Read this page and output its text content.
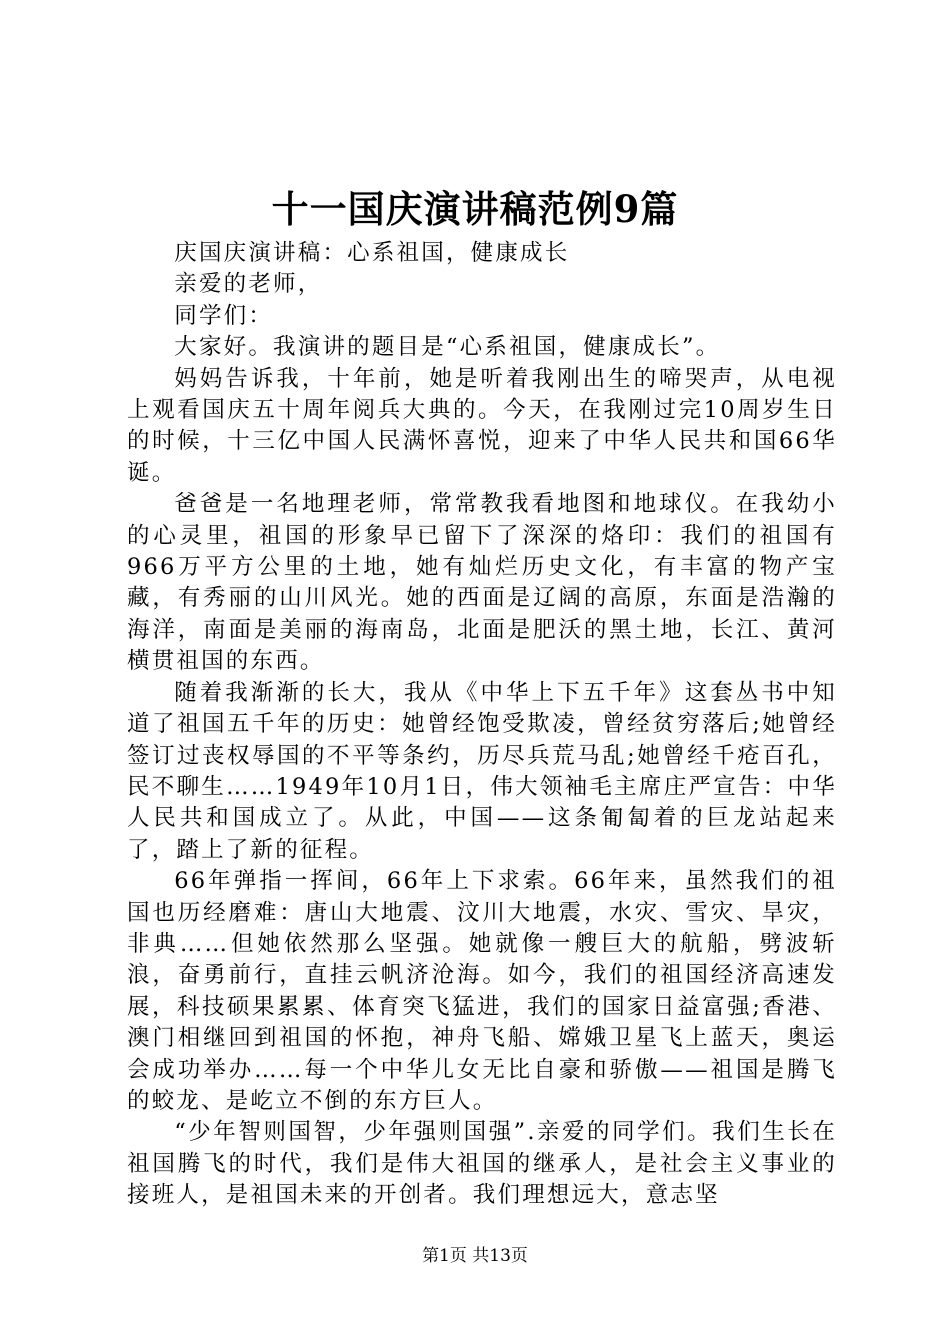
十一国庆演讲稿范例9篇

庆国庆演讲稿：心系祖国，健康成长

亲爱的老师，

同学们：

大家好。我演讲的题目是“心系祖国，健康成长”。

妈妈告诉我，十年前，她是听着我刚出生的啼哭声，从电视上观看国庆五十周年阅兵大典的。今天，在我刚过完10周岁生日的时候，十三亿中国人民满怀喜悦，迎来了中华人民共和国66华诞。

爸爸是一名地理老师，常常教我看地图和地球仪。在我幼小的心灵里，祖国的形象早已留下了深深的烙印：我们的祖国有966万平方公里的土地，她有灿烂历史文化，有丰富的物产宝藏，有秀丽的山川风光。她的西面是辽阔的高原，东面是浩瀚的海洋，南面是美丽的海南岛，北面是肥沃的黑土地，长江、黄河横贯祖国的东西。

随着我渐渐的长大，我从《中华上下五千年》这套丛书中知道了祖国五千年的历史：她曾经饱受欺凌，曾经贫穷落后;她曾经签订过丧权辱国的不平等条约，历尽兵荒马乱;她曾经千疮百孔，民不聊生……1949年10月1日，伟大领袖毛主席庄严宣告：中华人民共和国成立了。从此，中国——这条匍匐着的巨龙站起来了，踏上了新的征程。

66年弹指一挥间，66年上下求索。66年来，虽然我们的祖国也历经磨难：唐山大地震、汶川大地震，水灾、雪灾、旱灾，非典……但她依然那么坚强。她就像一艘巨大的航船，劈波斩浪，奋勇前行，直挂云帆济沧海。如今，我们的祖国经济高速发展，科技硕果累累、体育突飞猛进，我们的国家日益富强;香港、澳门相继回到祖国的怀抱，神舟飞船、嫦娥卫星飞上蓝天，奥运会成功举办……每一个中华儿女无比自豪和骄傲——祖国是腾飞的蛟龙、是屹立不倒的东方巨人。

“少年智则国智，少年强则国强”.亲爱的同学们。我们生长在祖国腾飞的时代，我们是伟大祖国的继承人，是社会主义事业的接班人，是祖国未来的开创者。我们理想远大，意志坚

第1页 共13页
